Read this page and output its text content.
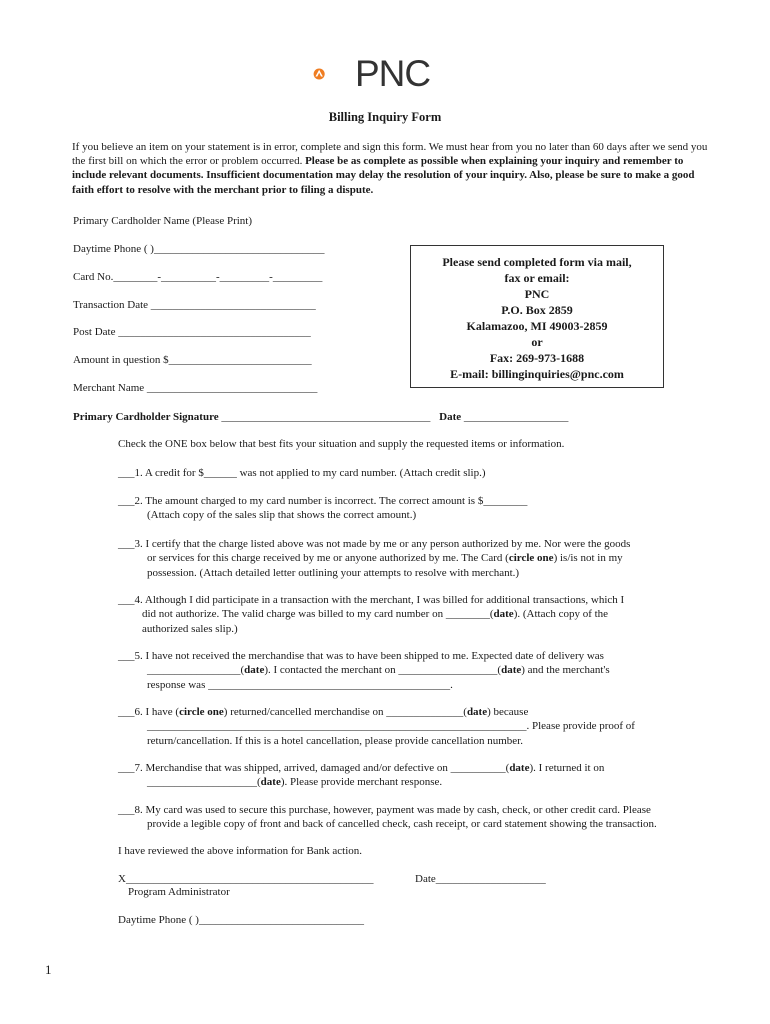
PNC
Billing Inquiry Form
If you believe an item on your statement is in error, complete and sign this form. We must hear from you no later than 60 days after we send you the first bill on which the error or problem occurred. Please be as complete as possible when explaining your inquiry and remember to include relevant documents. Insufficient documentation may delay the resolution of your inquiry. Also, please be sure to make a good faith effort to resolve with the merchant prior to filing a dispute.
Primary Cardholder Name (Please Print)
Daytime Phone ( )_______________________________
Card No.________-__________-_________-_________
Transaction Date ______________________________
Post Date ___________________________________
Amount in question $__________________________
Merchant Name _______________________________
Please send completed form via mail,
fax or email:
PNC
P.O. Box 2859
Kalamazoo, MI 49003-2859
or
Fax: 269-973-1688
E-mail: billinginquiries@pnc.com
Primary Cardholder Signature ______________________________________ Date ___________________
Check the ONE box below that best fits your situation and supply the requested items or information.
___1. A credit for $______ was not applied to my card number. (Attach credit slip.)
___2. The amount charged to my card number is incorrect. The correct amount is $________
(Attach copy of the sales slip that shows the correct amount.)
___3. I certify that the charge listed above was not made by me or any person authorized by me. Nor were the goods
or services for this charge received by me or anyone authorized by me. The Card (circle one) is/is not in my
possession. (Attach detailed letter outlining your attempts to resolve with merchant.)
___4. Although I did participate in a transaction with the merchant, I was billed for additional transactions, which I
did not authorize. The valid charge was billed to my card number on ________(date). (Attach copy of the
authorized sales slip.)
___5. I have not received the merchandise that was to have been shipped to me. Expected date of delivery was
_________________(date). I contacted the merchant on __________________(date) and the merchant's
response was ____________________________________________.
___6. I have (circle one) returned/cancelled merchandise on ______________(date) because
_____________________________________________________________________. Please provide proof of
return/cancellation. If this is a hotel cancellation, please provide cancellation number.
___7. Merchandise that was shipped, arrived, damaged and/or defective on __________(date). I returned it on
____________________(date). Please provide merchant response.
___8. My card was used to secure this purchase, however, payment was made by cash, check, or other credit card. Please
provide a legible copy of front and back of cancelled check, cash receipt, or card statement showing the transaction.
I have reviewed the above information for Bank action.
X_____________________________________________	Date____________________
Program Administrator
Daytime Phone ( )______________________________
1
